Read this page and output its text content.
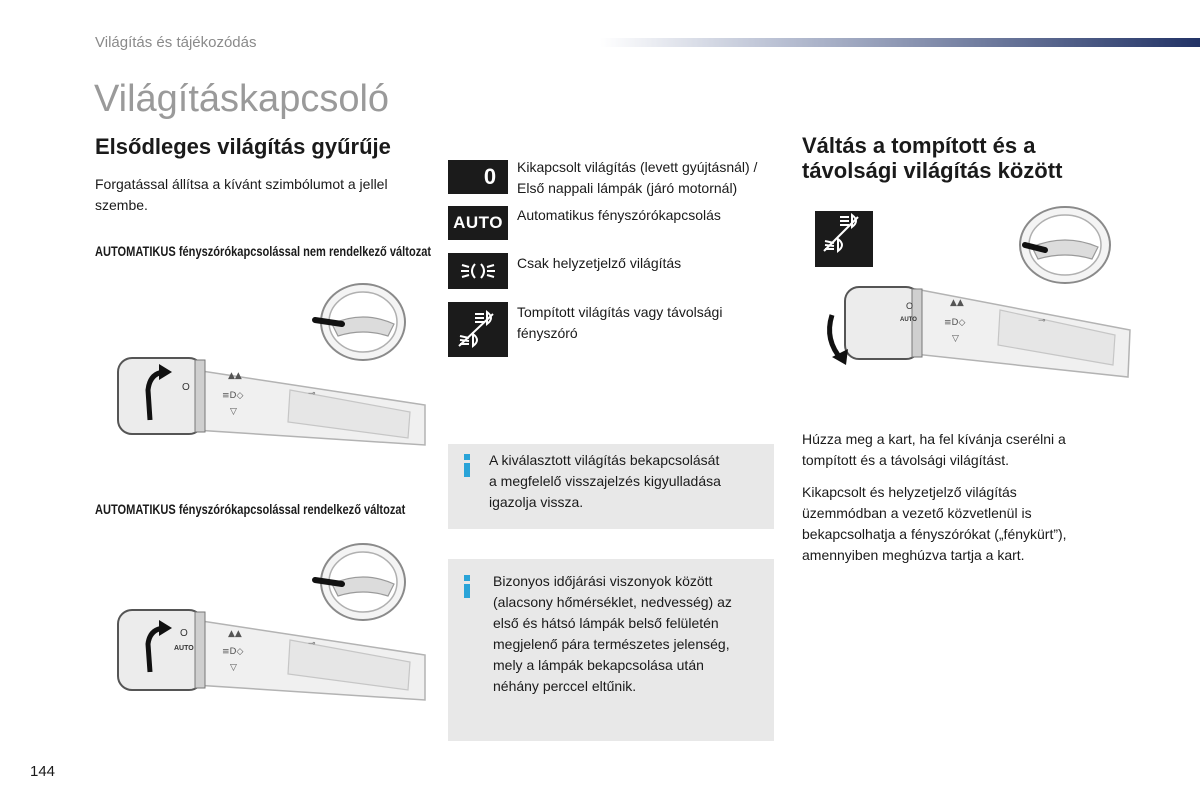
Világítás és tájékozódás
Világításkapcsoló
Elsődleges világítás gyűrűje

Forgatással állítsa a kívánt szimbólumot a jellel szembe.

AUTOMATIKUS fényszórókapcsolással nem rendelkező változat
AUTOMATIKUS fényszórókapcsolással rendelkező változat
O
▲▲
≡D◇
▽
⊸
O
AUTO
▲▲
≡D◇
▽
⊸
0 Kikapcsolt világítás (levett gyújtásnál) /
Első nappali lámpák (járó motornál)
AUTO Automatikus fényszórókapcsolás
Csak helyzetjelző világítás
Tompított világítás vagy távolsági
fényszóró
A kiválasztott világítás bekapcsolását
a megfelelő visszajelzés kigyulladása
igazolja vissza.
Bizonyos időjárási viszonyok között
(alacsony hőmérséklet, nedvesség) az
első és hátsó lámpák belső felületén
megjelenő pára természetes jelenség,
mely a lámpák bekapcsolása után
néhány perccel eltűnik.
Váltás a tompított és a
távolsági világítás között
O
AUTO
▲▲
≡D◇
▽
⊸
Húzza meg a kart, ha fel kívánja cserélni a
tompított és a távolsági világítást.
Kikapcsolt és helyzetjelző világítás
üzemmódban a vezető közvetlenül is
bekapcsolhatja a fényszórókat („fénykürt”),
amennyiben meghúzva tartja a kart.
144
